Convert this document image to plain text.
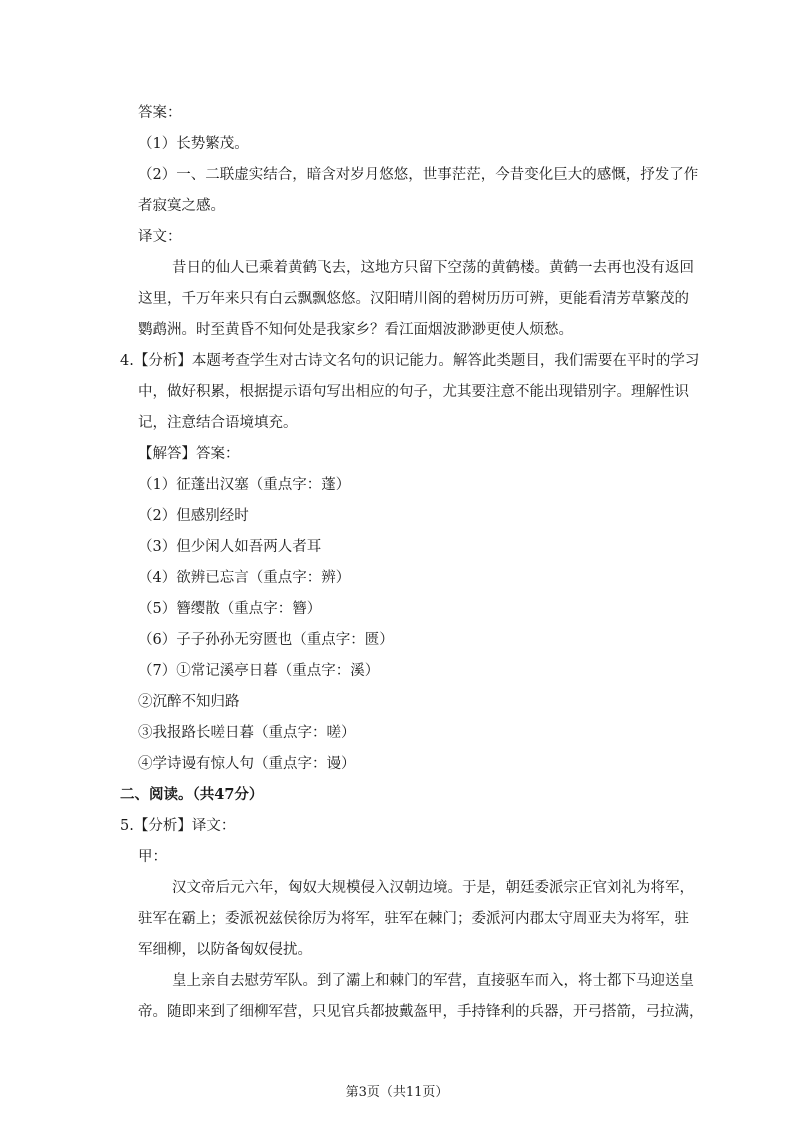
答案：
（1）长势繁茂。
（2）一、二联虚实结合，暗含对岁月悠悠，世事茫茫，今昔变化巨大的感慨，抒发了作
者寂寞之感。
译文：
昔日的仙人已乘着黄鹤飞去，这地方只留下空荡的黄鹤楼。黄鹤一去再也没有返回
这里，千万年来只有白云飘飘悠悠。汉阳晴川阁的碧树历历可辨，更能看清芳草繁茂的
鹦鹉洲。时至黄昏不知何处是我家乡？看江面烟波渺渺更使人烦愁。
4.【分析】本题考查学生对古诗文名句的识记能力。解答此类题目，我们需要在平时的学习
中，做好积累，根据提示语句写出相应的句子，尤其要注意不能出现错别字。理解性识
记，注意结合语境填充。
【解答】答案：
（1）征蓬出汉塞（重点字：蓬）
（2）但感别经时
（3）但少闲人如吾两人者耳
（4）欲辨已忘言（重点字：辨）
（5）簪缨散（重点字：簪）
（6）子子孙孙无穷匮也（重点字：匮）
（7）①常记溪亭日暮（重点字：溪）
②沉醉不知归路
③我报路长嗟日暮（重点字：嗟）
④学诗谩有惊人句（重点字：谩）
二、阅读。（共47分）
5.【分析】译文：
甲：
汉文帝后元六年，匈奴大规模侵入汉朝边境。于是，朝廷委派宗正官刘礼为将军，
驻军在霸上；委派祝兹侯徐厉为将军，驻军在棘门；委派河内郡太守周亚夫为将军，驻
军细柳，以防备匈奴侵扰。
皇上亲自去慰劳军队。到了灞上和棘门的军营，直接驱车而入，将士都下马迎送皇
帝。随即来到了细柳军营，只见官兵都披戴盔甲，手持锋利的兵器，开弓搭箭，弓拉满，
第3页（共11页）
